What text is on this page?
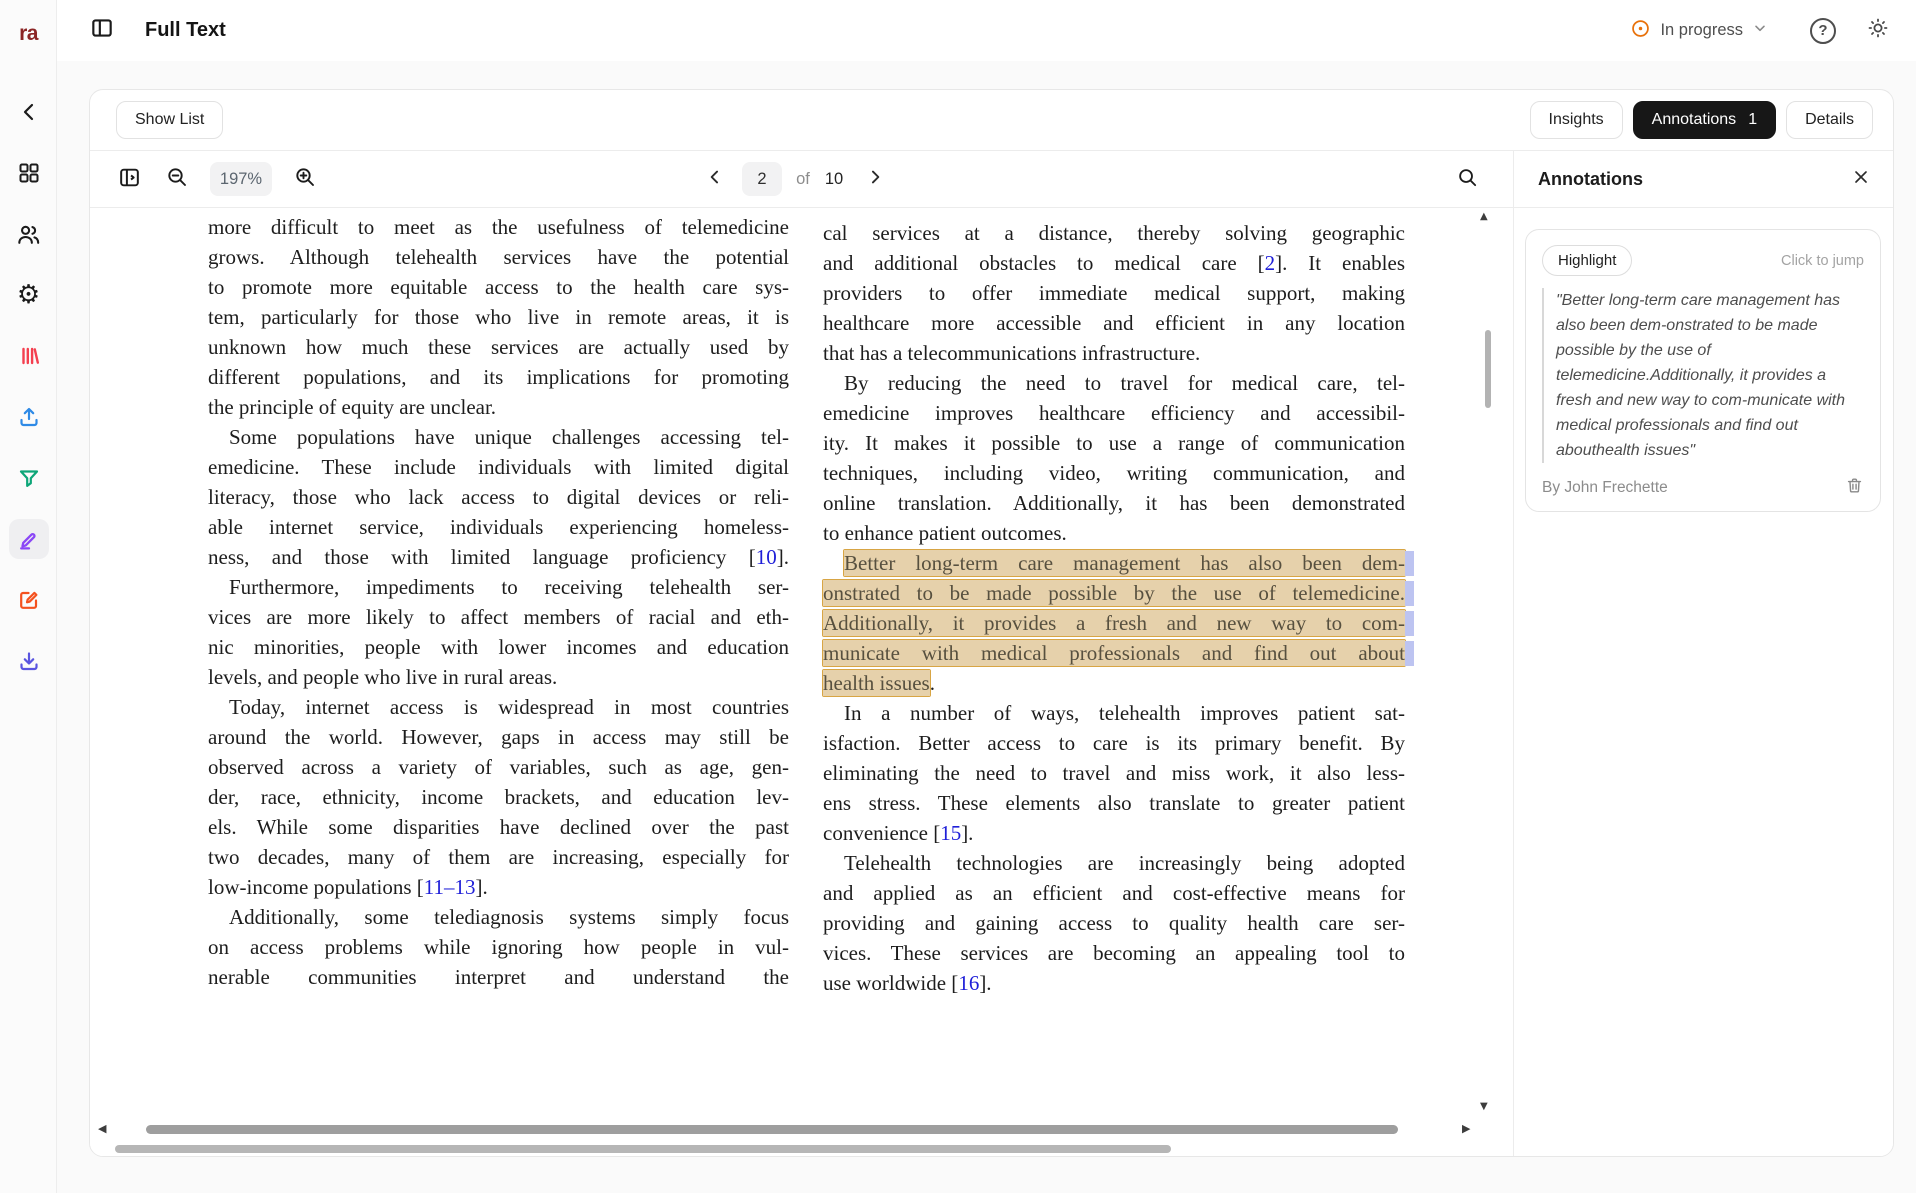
ra
⚙
Full Text	In progress	?
Show List	Insights	Annotations 1	Details
197%	2 of 10	Annotations
more difficult to meet as the usefulness of telemedicine
grows. Although telehealth services have the potential
to promote more equitable access to the health care sys-
tem, particularly for those who live in remote areas, it is
unknown how much these services are actually used by
different populations, and its implications for promoting
the principle of equity are unclear.
Some populations have unique challenges accessing tel-
emedicine. These include individuals with limited digital
literacy, those who lack access to digital devices or reli-
able internet service, individuals experiencing homeless-
ness, and those with limited language proficiency [10].
Furthermore, impediments to receiving telehealth ser-
vices are more likely to affect members of racial and eth-
nic minorities, people with lower incomes and education
levels, and people who live in rural areas.
Today, internet access is widespread in most countries
around the world. However, gaps in access may still be
observed across a variety of variables, such as age, gen-
der, race, ethnicity, income brackets, and education lev-
els. While some disparities have declined over the past
two decades, many of them are increasing, especially for
low-income populations [11–13].
Additionally, some telediagnosis systems simply focus
on access problems while ignoring how people in vul-
nerable communities interpret and understand the
cal services at a distance, thereby solving geographic
and additional obstacles to medical care [2]. It enables
providers to offer immediate medical support, making
healthcare more accessible and efficient in any location
that has a telecommunications infrastructure.
By reducing the need to travel for medical care, tel-
emedicine improves healthcare efficiency and accessibil-
ity. It makes it possible to use a range of communication
techniques, including video, writing communication, and
online translation. Additionally, it has been demonstrated
to enhance patient outcomes.
Better long-term care management has also been dem-
onstrated to be made possible by the use of telemedicine.
Additionally, it provides a fresh and new way to com-
municate with medical professionals and find out about
health issues.
In a number of ways, telehealth improves patient sat-
isfaction. Better access to care is its primary benefit. By
eliminating the need to travel and miss work, it also less-
ens stress. These elements also translate to greater patient
convenience [15].
Telehealth technologies are increasingly being adopted
and applied as an efficient and cost-effective means for
providing and gaining access to quality health care ser-
vices. These services are becoming an appealing tool to
use worldwide [16].
▲
▼
◀	▶
Highlight	Click to jump
"Better long-term care management has also been dem-onstrated to be made possible by the use of telemedicine.Additionally, it provides a fresh and new way to com-municate with medical professionals and find out abouthealth issues"
By John Frechette
